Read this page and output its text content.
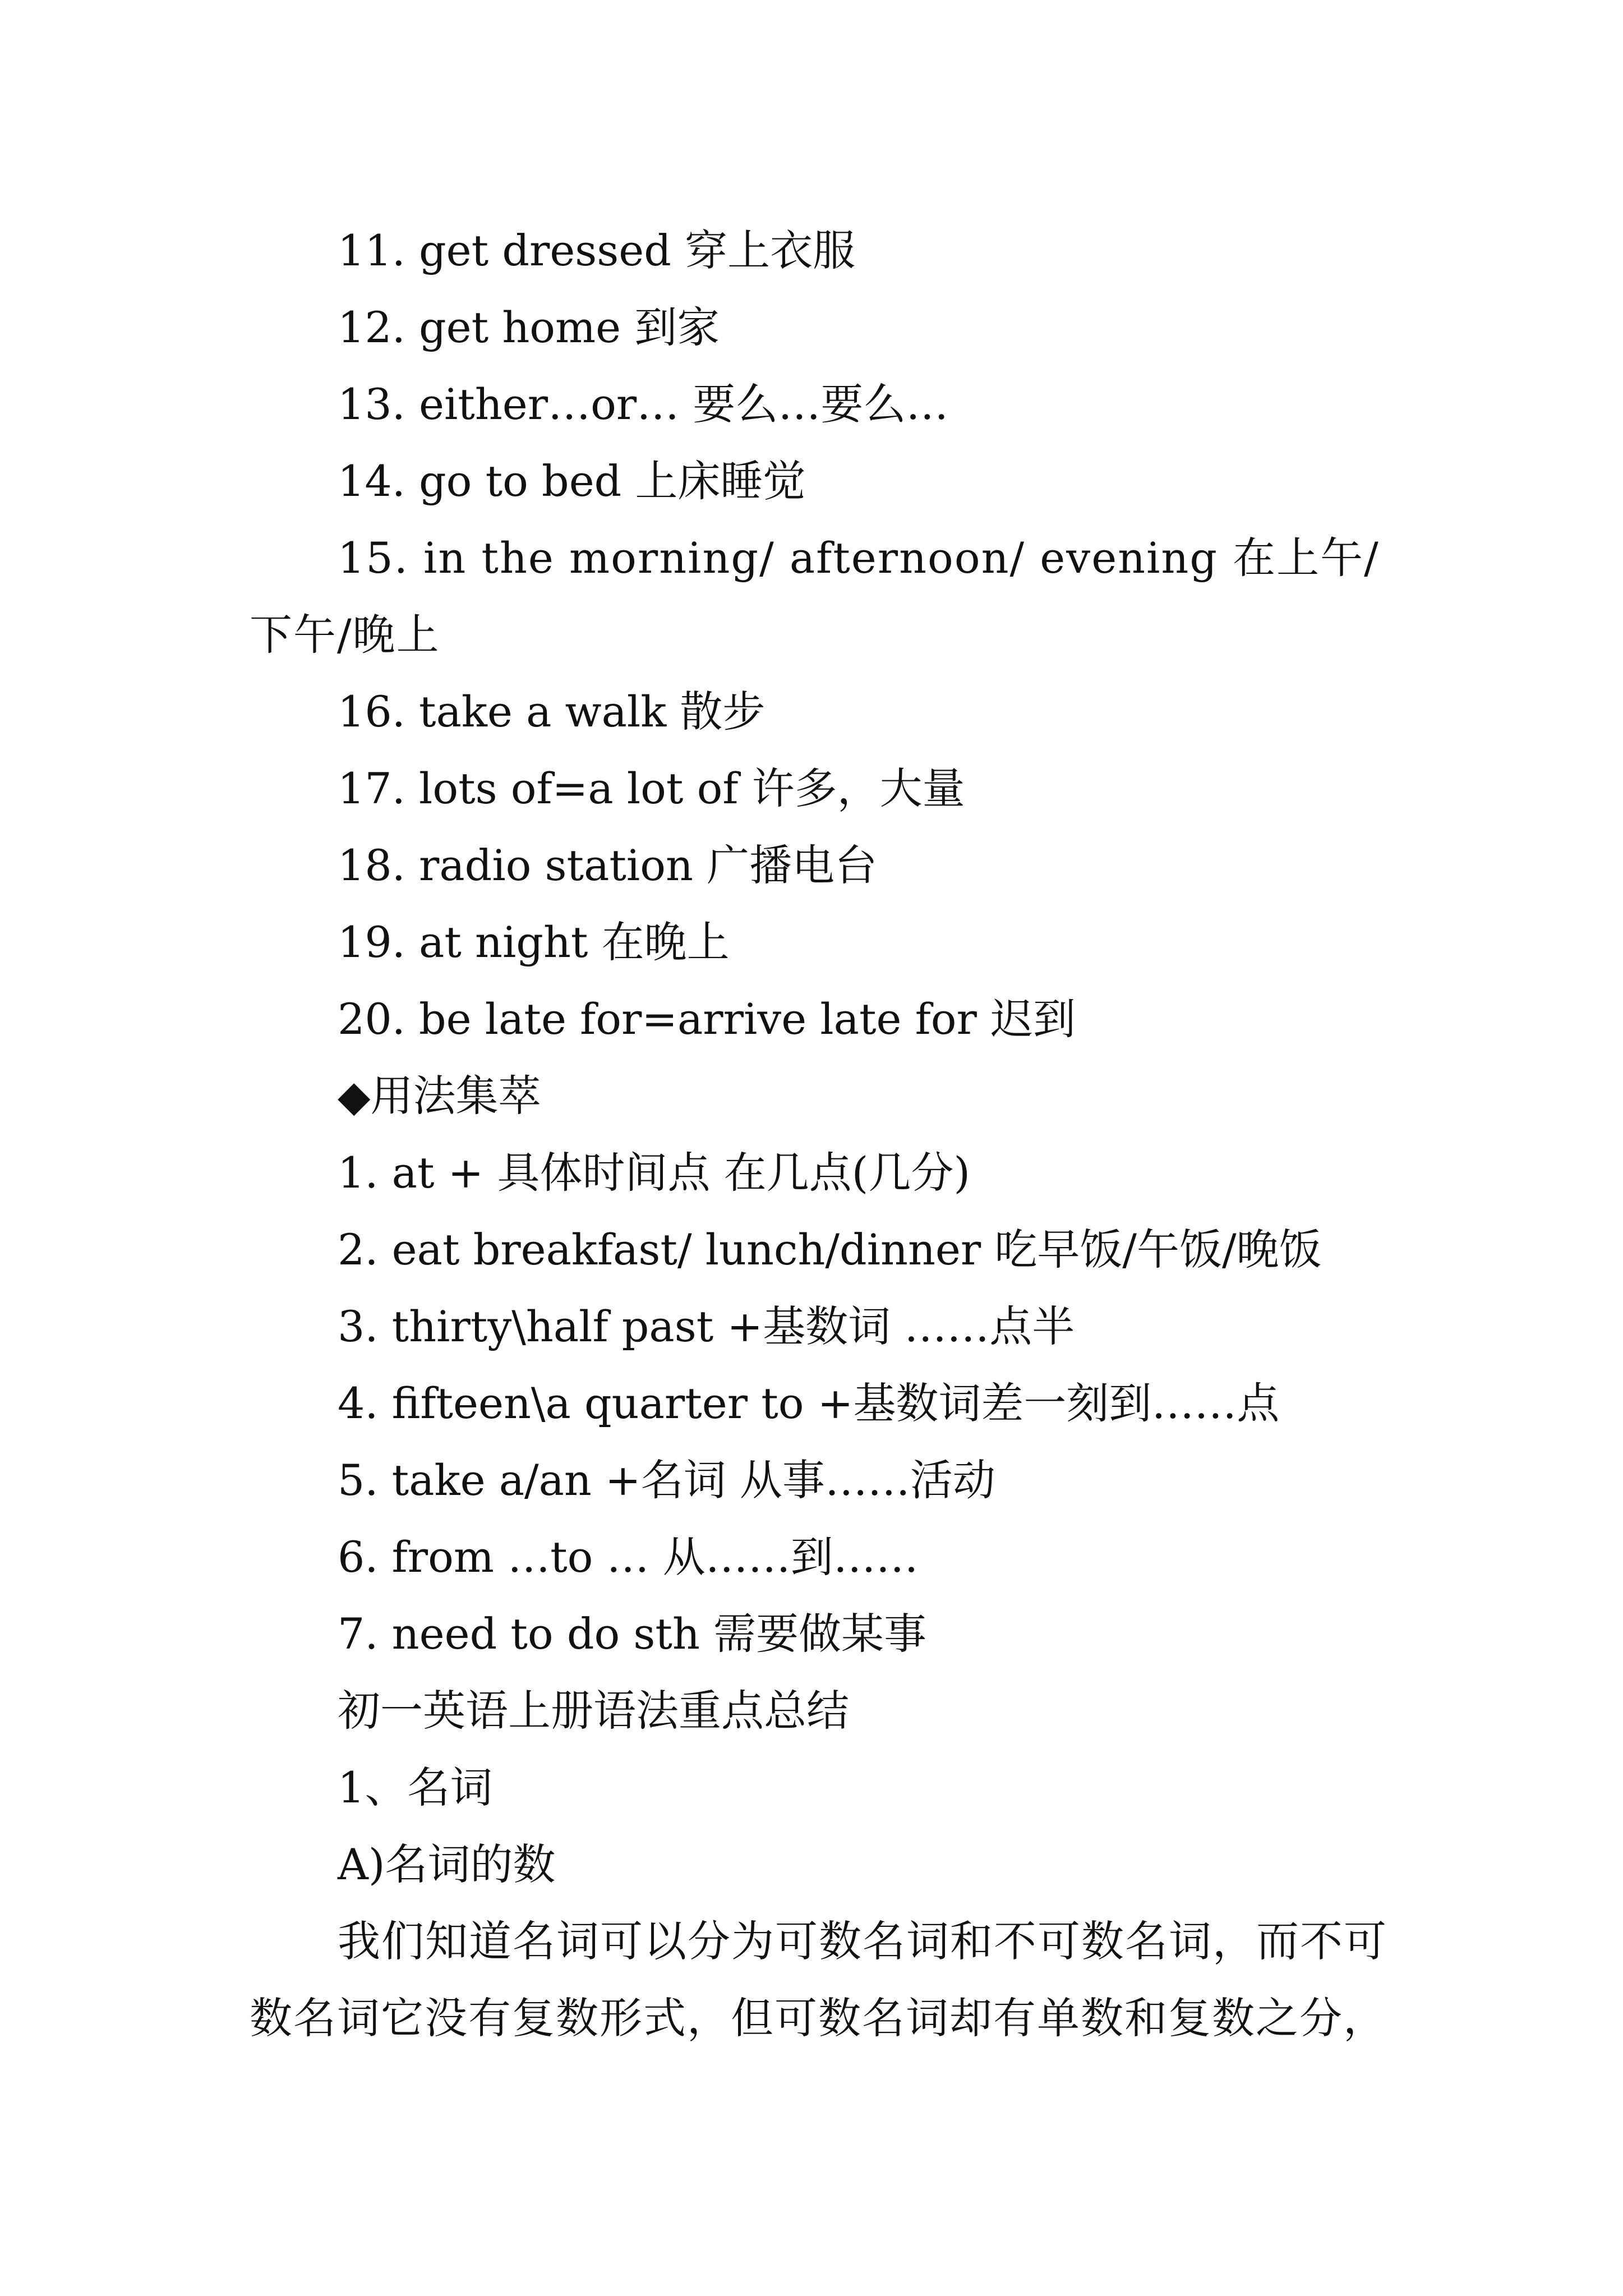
11. get dressed 穿上衣服

12. get home 到家

13. either…or… 要么…要么…

14. go to bed 上床睡觉

15. in the morning/ afternoon/ evening 在上午/下午/晚上

16. take a walk 散步

17. lots of=a lot of 许多，大量

18. radio station 广播电台

19. at night 在晚上

20. be late for=arrive late for 迟到

◆用法集萃

1. at + 具体时间点 在几点(几分)

2. eat breakfast/ lunch/dinner 吃早饭/午饭/晚饭

3. thirty\half past +基数词 ……点半

4. fifteen\a quarter to +基数词差一刻到……点

5. take a/an +名词 从事……活动

6. from …to … 从……到……

7. need to do sth 需要做某事

初一英语上册语法重点总结

1、名词

A)名词的数

我们知道名词可以分为可数名词和不可数名词，而不可数名词它没有复数形式，但可数名词却有单数和复数之分，
